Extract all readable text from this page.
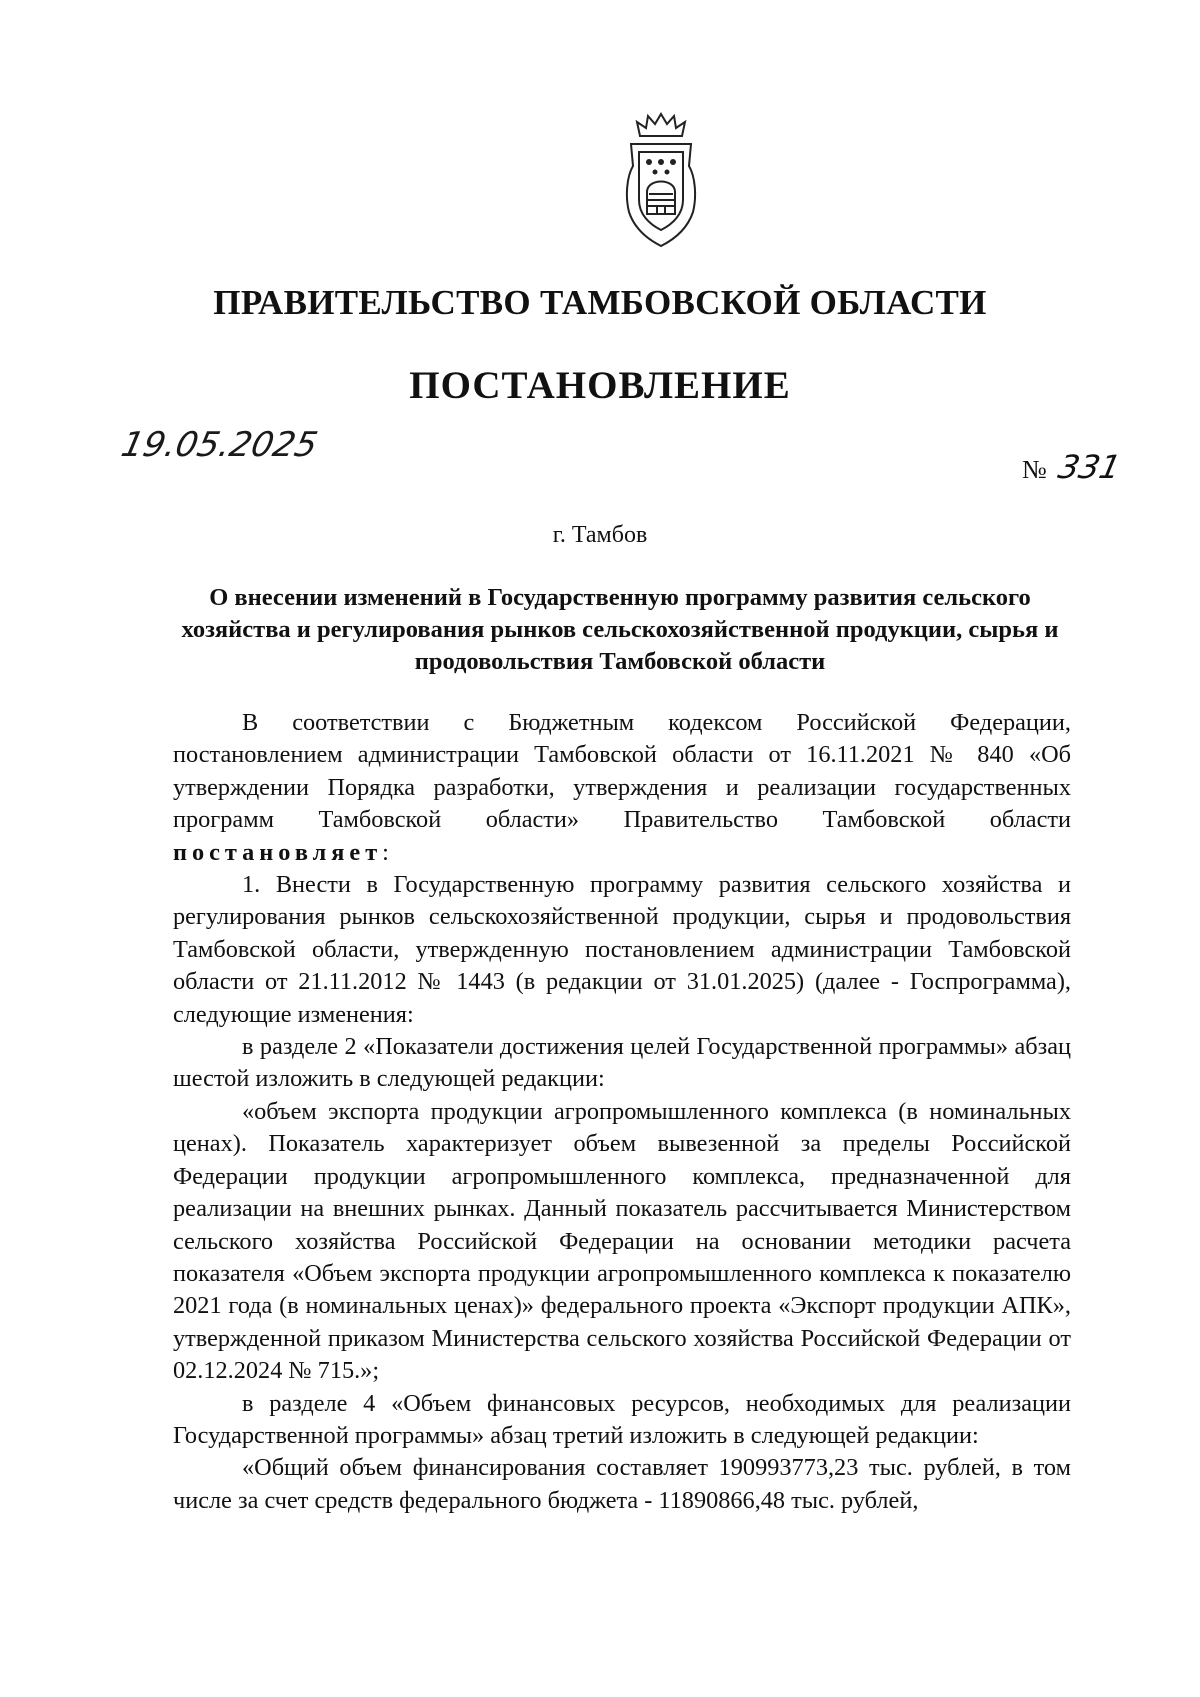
ПРАВИТЕЛЬСТВО ТАМБОВСКОЙ ОБЛАСТИ
ПОСТАНОВЛЕНИЕ
19.05.2025
№ 331
г. Тамбов
О внесении изменений в Государственную программу развития сельского хозяйства и регулирования рынков сельскохозяйственной продукции, сырья и продовольствия Тамбовской области

В соответствии с Бюджетным кодексом Российской Федерации, постановлением администрации Тамбовской области от 16.11.2021 № 840 «Об утверждении Порядка разработки, утверждения и реализации государственных программ Тамбовской области» Правительство Тамбовской области постановляет:

1. Внести в Государственную программу развития сельского хозяйства и регулирования рынков сельскохозяйственной продукции, сырья и продовольствия Тамбовской области, утвержденную постановлением администрации Тамбовской области от 21.11.2012 № 1443 (в редакции от 31.01.2025) (далее - Госпрограмма), следующие изменения:

в разделе 2 «Показатели достижения целей Государственной программы» абзац шестой изложить в следующей редакции:

«объем экспорта продукции агропромышленного комплекса (в номинальных ценах). Показатель характеризует объем вывезенной за пределы Российской Федерации продукции агропромышленного комплекса, предназначенной для реализации на внешних рынках. Данный показатель рассчитывается Министерством сельского хозяйства Российской Федерации на основании методики расчета показателя «Объем экспорта продукции агропромышленного комплекса к показателю 2021 года (в номинальных ценах)» федерального проекта «Экспорт продукции АПК», утвержденной приказом Министерства сельского хозяйства Российской Федерации от 02.12.2024 № 715.»;

в разделе 4 «Объем финансовых ресурсов, необходимых для реализации Государственной программы» абзац третий изложить в следующей редакции:

«Общий объем финансирования составляет 190993773,23 тыс. рублей, в том числе за счет средств федерального бюджета - 11890866,48 тыс. рублей,
